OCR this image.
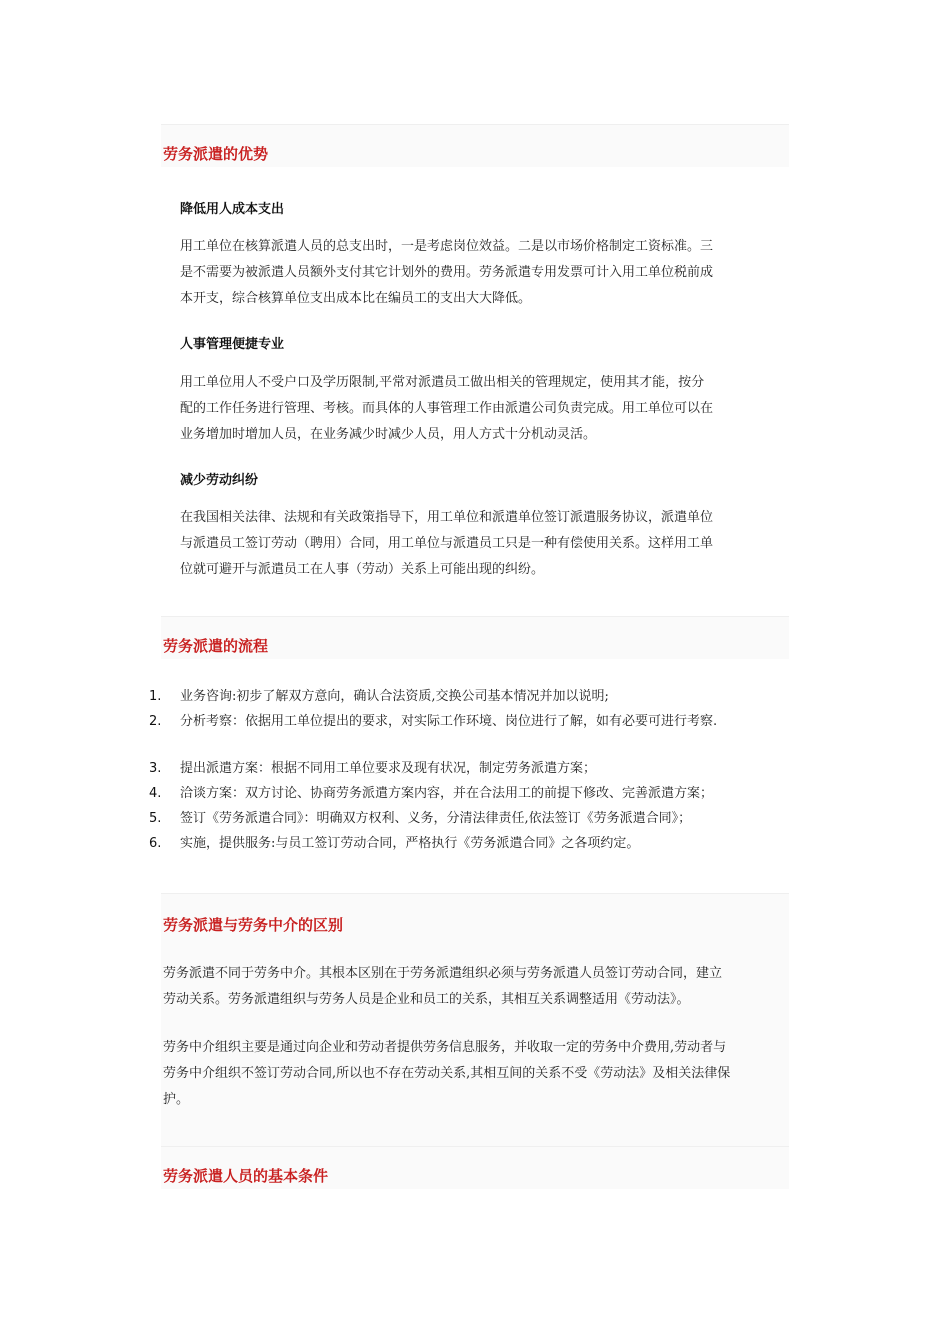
劳务派遣的优势

降低用人成本支出

用工单位在核算派遣人员的总支出时，一是考虑岗位效益。二是以市场价格制定工资标准。三
是不需要为被派遣人员额外支付其它计划外的费用。劳务派遣专用发票可计入用工单位税前成
本开支，综合核算单位支出成本比在编员工的支出大大降低。

人事管理便捷专业

用工单位用人不受户口及学历限制,平常对派遣员工做出相关的管理规定，使用其才能，按分
配的工作任务进行管理、考核。而具体的人事管理工作由派遣公司负责完成。用工单位可以在
业务增加时增加人员，在业务减少时减少人员，用人方式十分机动灵活。

减少劳动纠纷

在我国相关法律、法规和有关政策指导下，用工单位和派遣单位签订派遣服务协议，派遣单位
与派遣员工签订劳动（聘用）合同，用工单位与派遣员工只是一种有偿使用关系。这样用工单
位就可避开与派遣员工在人事（劳动）关系上可能出现的纠纷。
劳务派遣的流程
1.	业务咨询:初步了解双方意向，确认合法资质,交换公司基本情况并加以说明;
2.	分析考察：依据用工单位提出的要求，对实际工作环境、岗位进行了解，如有必要可进行考察.
3.	提出派遣方案：根据不同用工单位要求及现有状况，制定劳务派遣方案；
4.	洽谈方案：双方讨论、协商劳务派遣方案内容，并在合法用工的前提下修改、完善派遣方案；
5.	签订《劳务派遣合同》：明确双方权利、义务，分清法律责任,依法签订《劳务派遣合同》；
6.	实施，提供服务:与员工签订劳动合同，严格执行《劳务派遣合同》之各项约定。
劳务派遣与劳务中介的区别
劳务派遣不同于劳务中介。其根本区别在于劳务派遣组织必须与劳务派遣人员签订劳动合同，建立
劳动关系。劳务派遣组织与劳务人员是企业和员工的关系，其相互关系调整适用《劳动法》。
劳务中介组织主要是通过向企业和劳动者提供劳务信息服务，并收取一定的劳务中介费用,劳动者与
劳务中介组织不签订劳动合同,所以也不存在劳动关系,其相互间的关系不受《劳动法》及相关法律保
护。
劳务派遣人员的基本条件
